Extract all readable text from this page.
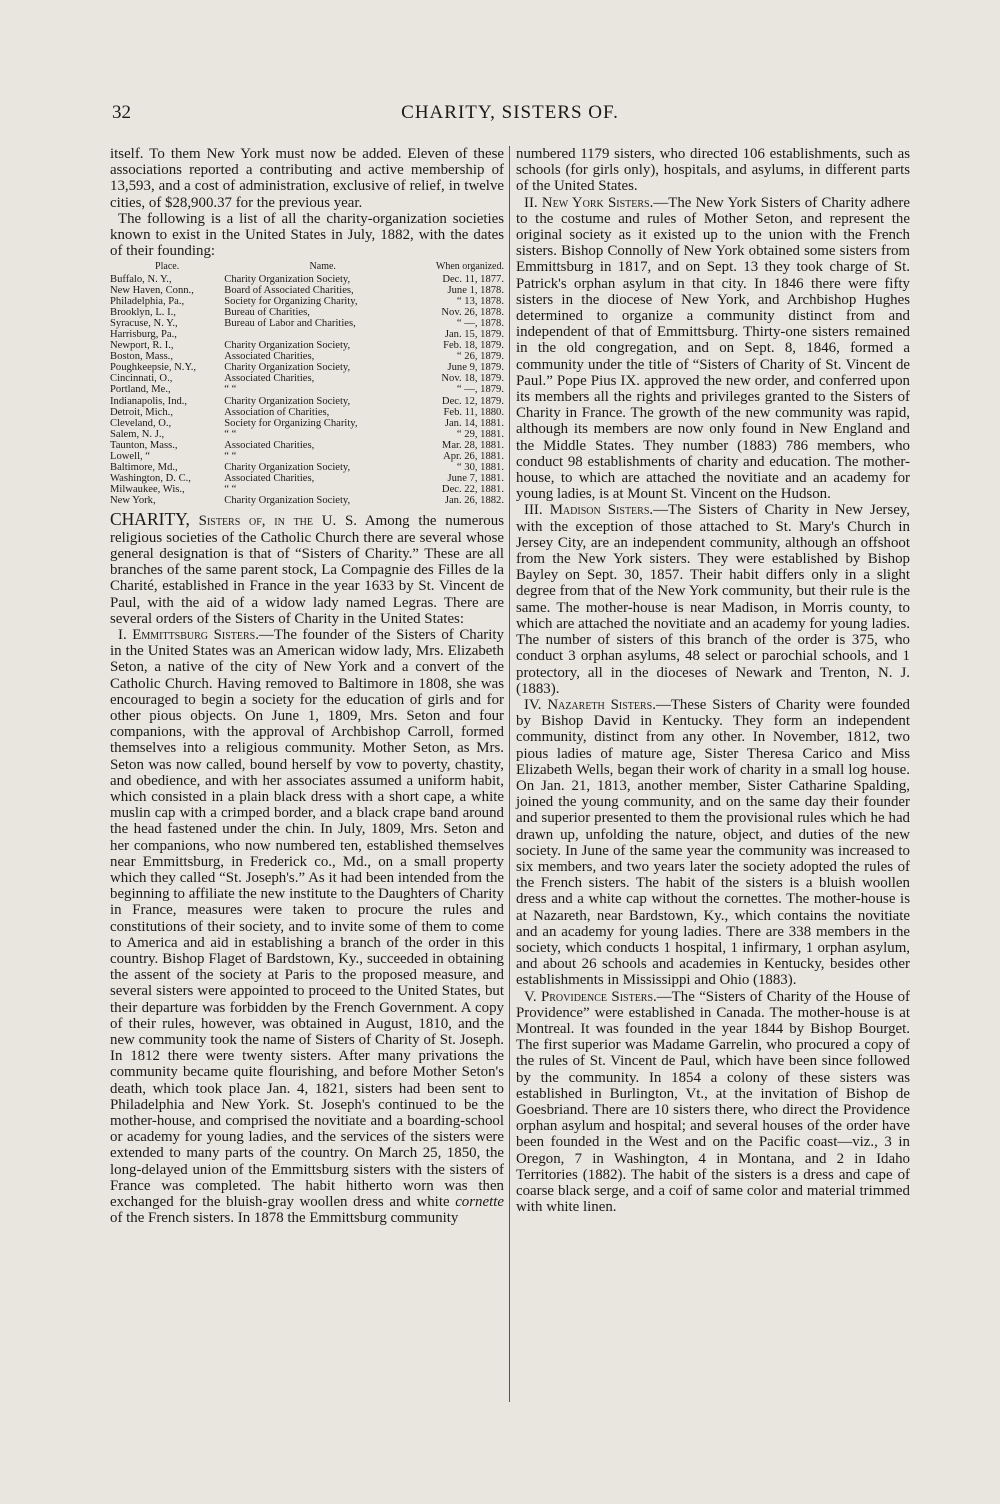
32	CHARITY, SISTERS OF.

itself. To them New York must now be added. Eleven of these associations reported a contributing and active membership of 13,593, and a cost of administration, exclusive of relief, in twelve cities, of $28,900.37 for the previous year.

The following is a list of all the charity-organization societies known to exist in the United States in July, 1882, with the dates of their founding:

Place.	Name.	When organized.
Buffalo, N. Y.,	Charity Organization Society,	Dec. 11, 1877.
New Haven, Conn.,	Board of Associated Charities,	June 1, 1878.
Philadelphia, Pa.,	Society for Organizing Charity,	“ 13, 1878.
Brooklyn, L. I.,	Bureau of Charities,	Nov. 26, 1878.
Syracuse, N. Y.,	Bureau of Labor and Charities,	“ —, 1878.
Harrisburg, Pa.,		Jan. 15, 1879.
Newport, R. I.,	Charity Organization Society,	Feb. 18, 1879.
Boston, Mass.,	Associated Charities,	“ 26, 1879.
Poughkeepsie, N.Y.,	Charity Organization Society,	June 9, 1879.
Cincinnati, O.,	Associated Charities,	Nov. 18, 1879.
Portland, Me.,	“ “	“ —, 1879.
Indianapolis, Ind.,	Charity Organization Society,	Dec. 12, 1879.
Detroit, Mich.,	Association of Charities,	Feb. 11, 1880.
Cleveland, O.,	Society for Organizing Charity,	Jan. 14, 1881.
Salem, N. J.,	“ “	“ 29, 1881.
Taunton, Mass.,	Associated Charities,	Mar. 28, 1881.
Lowell, “	“ “	Apr. 26, 1881.
Baltimore, Md.,	Charity Organization Society,	“ 30, 1881.
Washington, D. C.,	Associated Charities,	June 7, 1881.
Milwaukee, Wis.,	“ “	Dec. 22, 1881.
New York,	Charity Organization Society,	Jan. 26, 1882.

CHARITY, Sisters of, in the U. S. Among the numerous religious societies of the Catholic Church there are several whose general designation is that of “Sisters of Charity.” These are all branches of the same parent stock, La Compagnie des Filles de la Charité, established in France in the year 1633 by St. Vincent de Paul, with the aid of a widow lady named Legras. There are several orders of the Sisters of Charity in the United States:

I. Emmittsburg Sisters.—The founder of the Sisters of Charity in the United States was an American widow lady, Mrs. Elizabeth Seton, a native of the city of New York and a convert of the Catholic Church. Having removed to Baltimore in 1808, she was encouraged to begin a society for the education of girls and for other pious objects. On June 1, 1809, Mrs. Seton and four companions, with the approval of Archbishop Carroll, formed themselves into a religious community. Mother Seton, as Mrs. Seton was now called, bound herself by vow to poverty, chastity, and obedience, and with her associates assumed a uniform habit, which consisted in a plain black dress with a short cape, a white muslin cap with a crimped border, and a black crape band around the head fastened under the chin. In July, 1809, Mrs. Seton and her companions, who now numbered ten, established themselves near Emmittsburg, in Frederick co., Md., on a small property which they called “St. Joseph's.” As it had been intended from the beginning to affiliate the new institute to the Daughters of Charity in France, measures were taken to procure the rules and constitutions of their society, and to invite some of them to come to America and aid in establishing a branch of the order in this country. Bishop Flaget of Bardstown, Ky., succeeded in obtaining the assent of the society at Paris to the proposed measure, and several sisters were appointed to proceed to the United States, but their departure was forbidden by the French Government. A copy of their rules, however, was obtained in August, 1810, and the new community took the name of Sisters of Charity of St. Joseph. In 1812 there were twenty sisters. After many privations the community became quite flourishing, and before Mother Seton's death, which took place Jan. 4, 1821, sisters had been sent to Philadelphia and New York. St. Joseph's continued to be the mother-house, and comprised the novitiate and a boarding-school or academy for young ladies, and the services of the sisters were extended to many parts of the country. On March 25, 1850, the long-delayed union of the Emmittsburg sisters with the sisters of France was completed. The habit hitherto worn was then exchanged for the bluish-gray woollen dress and white cornette of the French sisters. In 1878 the Emmittsburg community

numbered 1179 sisters, who directed 106 establishments, such as schools (for girls only), hospitals, and asylums, in different parts of the United States.

II. New York Sisters.—The New York Sisters of Charity adhere to the costume and rules of Mother Seton, and represent the original society as it existed up to the union with the French sisters. Bishop Connolly of New York obtained some sisters from Emmittsburg in 1817, and on Sept. 13 they took charge of St. Patrick's orphan asylum in that city. In 1846 there were fifty sisters in the diocese of New York, and Archbishop Hughes determined to organize a community distinct from and independent of that of Emmittsburg. Thirty-one sisters remained in the old congregation, and on Sept. 8, 1846, formed a community under the title of “Sisters of Charity of St. Vincent de Paul.” Pope Pius IX. approved the new order, and conferred upon its members all the rights and privileges granted to the Sisters of Charity in France. The growth of the new community was rapid, although its members are now only found in New England and the Middle States. They number (1883) 786 members, who conduct 98 establishments of charity and education. The mother-house, to which are attached the novitiate and an academy for young ladies, is at Mount St. Vincent on the Hudson.

III. Madison Sisters.—The Sisters of Charity in New Jersey, with the exception of those attached to St. Mary's Church in Jersey City, are an independent community, although an offshoot from the New York sisters. They were established by Bishop Bayley on Sept. 30, 1857. Their habit differs only in a slight degree from that of the New York community, but their rule is the same. The mother-house is near Madison, in Morris county, to which are attached the novitiate and an academy for young ladies. The number of sisters of this branch of the order is 375, who conduct 3 orphan asylums, 48 select or parochial schools, and 1 protectory, all in the dioceses of Newark and Trenton, N. J. (1883).

IV. Nazareth Sisters.—These Sisters of Charity were founded by Bishop David in Kentucky. They form an independent community, distinct from any other. In November, 1812, two pious ladies of mature age, Sister Theresa Carico and Miss Elizabeth Wells, began their work of charity in a small log house. On Jan. 21, 1813, another member, Sister Catharine Spalding, joined the young community, and on the same day their founder and superior presented to them the provisional rules which he had drawn up, unfolding the nature, object, and duties of the new society. In June of the same year the community was increased to six members, and two years later the society adopted the rules of the French sisters. The habit of the sisters is a bluish woollen dress and a white cap without the cornettes. The mother-house is at Nazareth, near Bardstown, Ky., which contains the novitiate and an academy for young ladies. There are 338 members in the society, which conducts 1 hospital, 1 infirmary, 1 orphan asylum, and about 26 schools and academies in Kentucky, besides other establishments in Mississippi and Ohio (1883).

V. Providence Sisters.—The “Sisters of Charity of the House of Providence” were established in Canada. The mother-house is at Montreal. It was founded in the year 1844 by Bishop Bourget. The first superior was Madame Garrelin, who procured a copy of the rules of St. Vincent de Paul, which have been since followed by the community. In 1854 a colony of these sisters was established in Burlington, Vt., at the invitation of Bishop de Goesbriand. There are 10 sisters there, who direct the Providence orphan asylum and hospital; and several houses of the order have been founded in the West and on the Pacific coast—viz., 3 in Oregon, 7 in Washington, 4 in Montana, and 2 in Idaho Territories (1882). The habit of the sisters is a dress and cape of coarse black serge, and a coif of same color and material trimmed with white linen.
